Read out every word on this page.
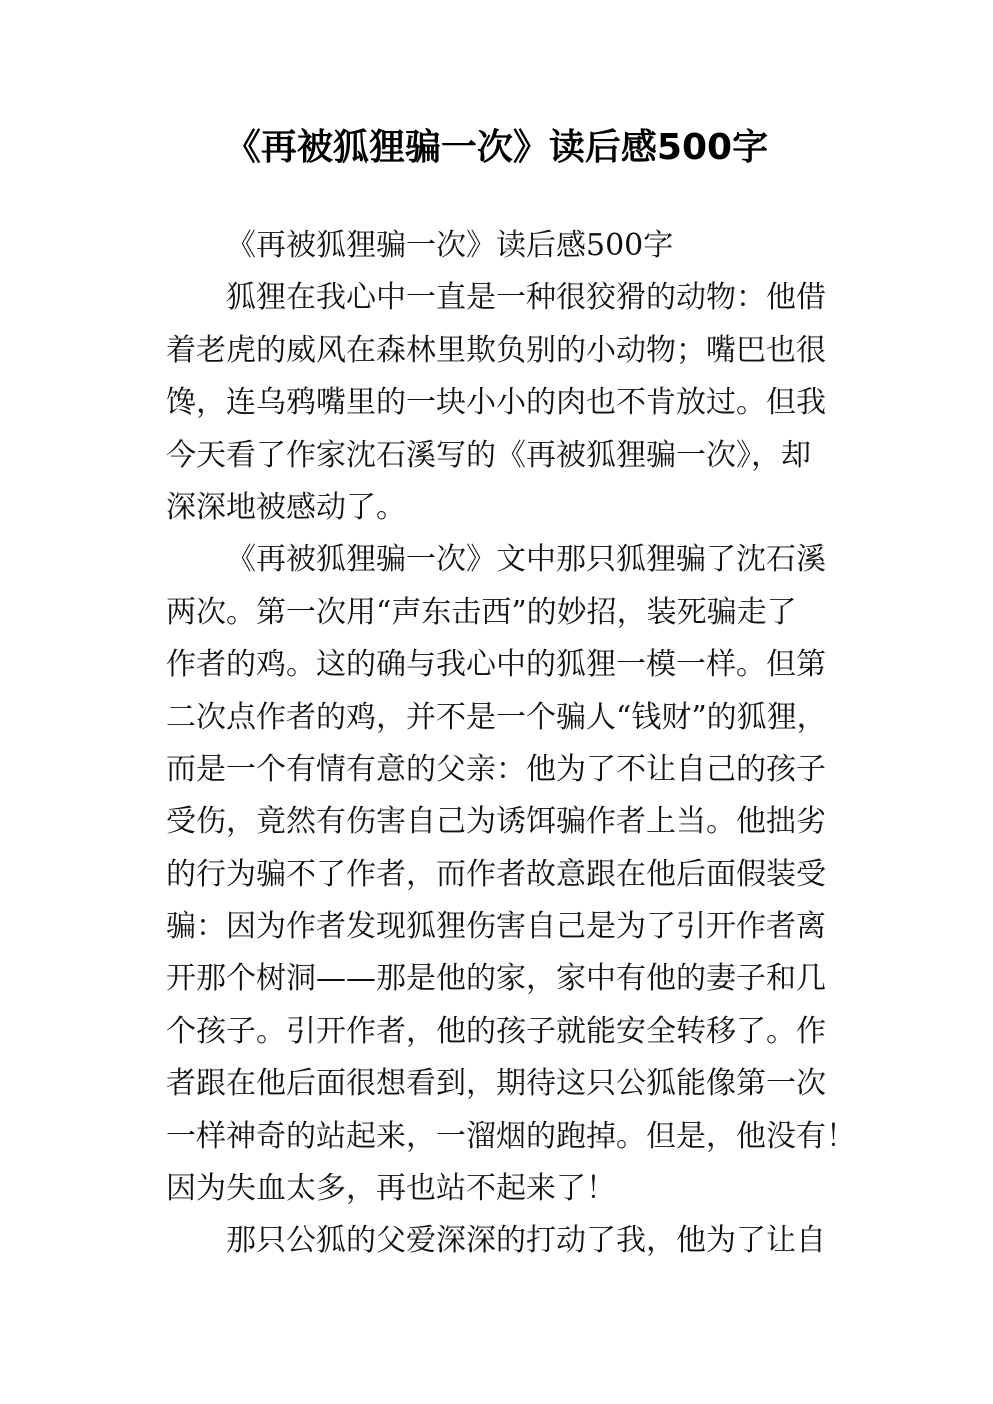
《再被狐狸骗一次》读后感500字
《再被狐狸骗一次》读后感500字
狐狸在我心中一直是一种很狡猾的动物：他借
着老虎的威风在森林里欺负别的小动物；嘴巴也很
馋，连乌鸦嘴里的一块小小的肉也不肯放过。但我
今天看了作家沈石溪写的《再被狐狸骗一次》，却
深深地被感动了。
《再被狐狸骗一次》文中那只狐狸骗了沈石溪
两次。第一次用“声东击西”的妙招，装死骗走了
作者的鸡。这的确与我心中的狐狸一模一样。但第
二次点作者的鸡，并不是一个骗人“钱财”的狐狸，
而是一个有情有意的父亲：他为了不让自己的孩子
受伤，竟然有伤害自己为诱饵骗作者上当。他拙劣
的行为骗不了作者，而作者故意跟在他后面假装受
骗：因为作者发现狐狸伤害自己是为了引开作者离
开那个树洞——那是他的家，家中有他的妻子和几
个孩子。引开作者，他的孩子就能安全转移了。作
者跟在他后面很想看到，期待这只公狐能像第一次
一样神奇的站起来，一溜烟的跑掉。但是，他没有！
因为失血太多，再也站不起来了！
那只公狐的父爱深深的打动了我，他为了让自
